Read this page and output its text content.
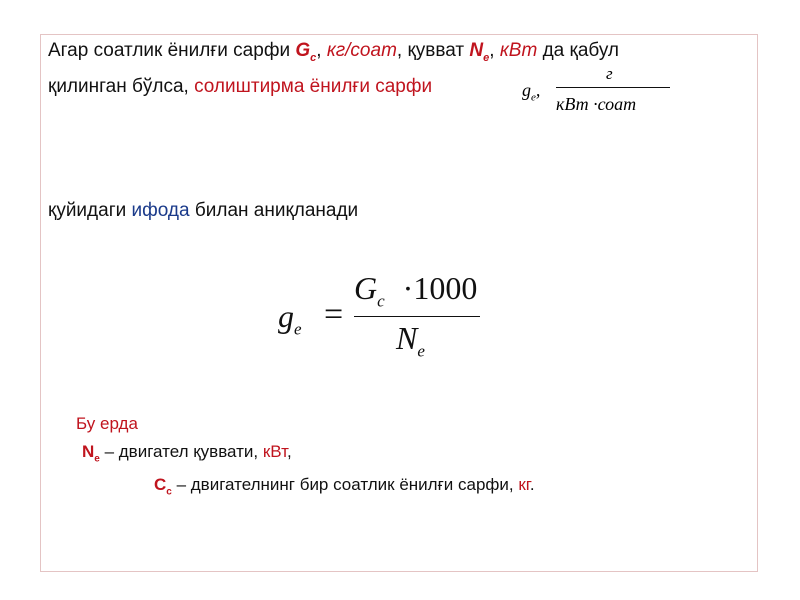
Агар соатлик ёнилғи сарфи $G_c$, кг/соат, қувват $N_e$, кВт да қабул
қилинган бўлса, солиштирма ёнилғи сарфи	$g_e$,
г
кВт ·соат
қуйидаги ифода билан аниқланади
$g_e$ =
$G_c \cdot 1000$
$N_e$
Бу ерда
$N_e$ – двигател қуввати, кВт,
$C_c$ – двигателнинг бир соатлик ёнилғи сарфи, кг.
